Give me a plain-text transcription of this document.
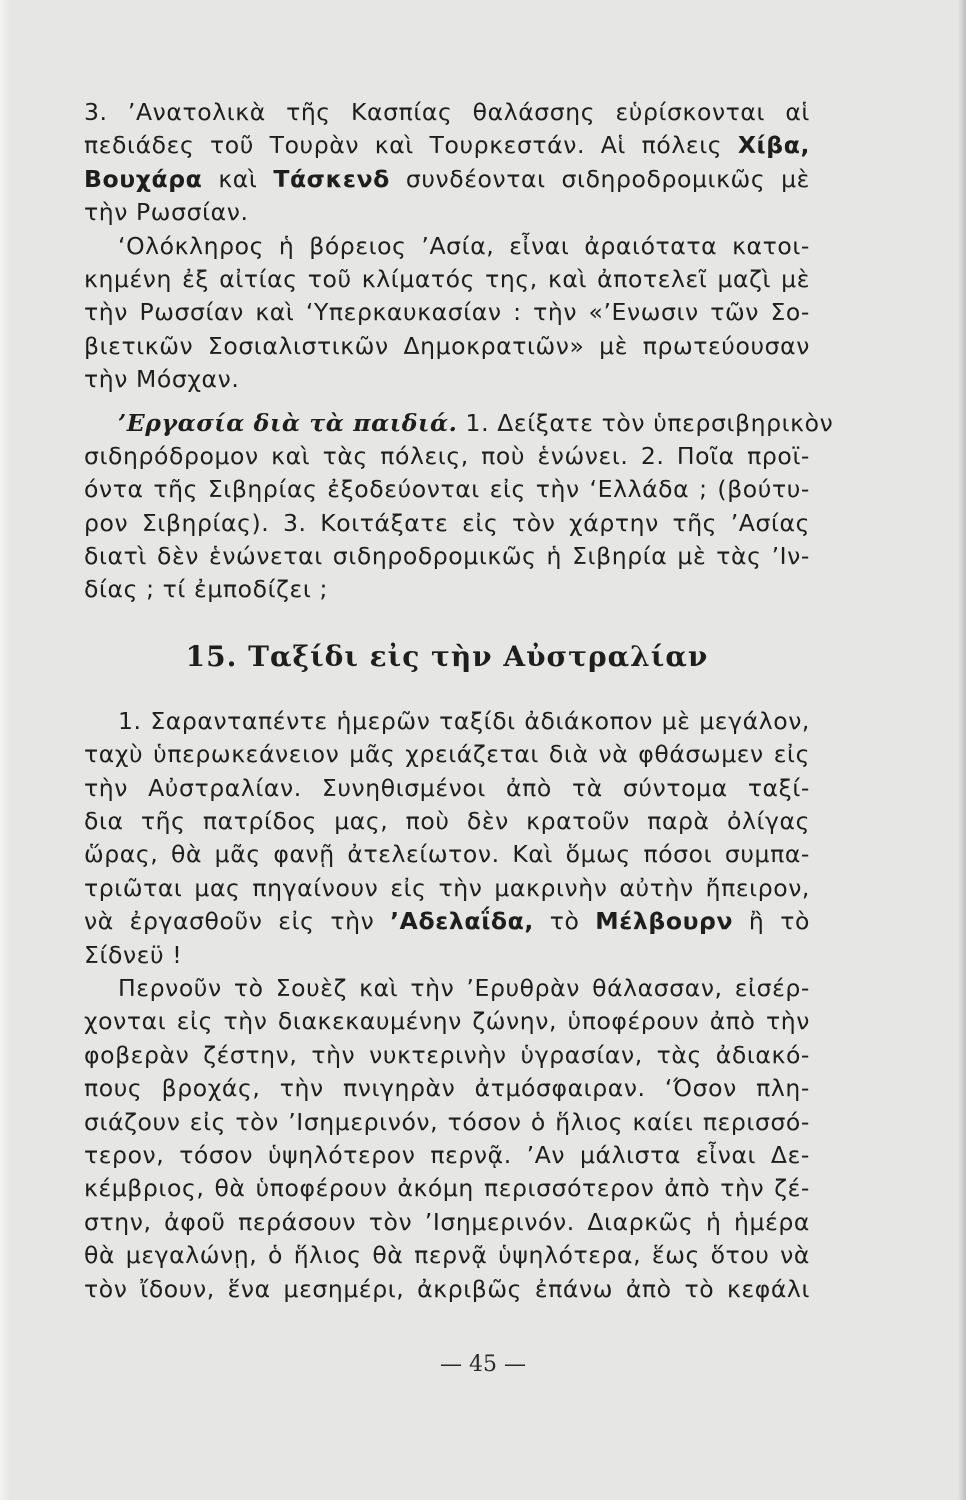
3. ’Ανατολικὰ τῆς Κασπίας θαλάσσης εὑρίσκονται αἱ
πεδιάδες τοῦ Τουρὰν καὶ Τουρκεστάν. Αἱ πόλεις Χίβα,
Βουχάρα καὶ Τάσκενδ συνδέονται σιδηροδρομικῶς μὲ
τὴν Ρωσσίαν.
‘Ολόκληρος ἡ βόρειος ’Ασία, εἶναι ἀραιότατα κατοι-
κημένη ἐξ αἰτίας τοῦ κλίματός της, καὶ ἀποτελεῖ μαζὶ μὲ
τὴν Ρωσσίαν καὶ ‘Υπερκαυκασίαν : τὴν «’Ενωσιν τῶν Σο-
βιετικῶν Σοσιαλιστικῶν Δημοκρατιῶν» μὲ πρωτεύουσαν
τὴν Μόσχαν.
’Εργασία διὰ τὰ παιδιά. 1. Δείξατε τὸν ὑπερσιβηρικὸν
σιδηρόδρομον καὶ τὰς πόλεις, ποὺ ἑνώνει. 2. Ποῖα προϊ-
όντα τῆς Σιβηρίας ἐξοδεύονται εἰς τὴν ‘Ελλάδα ; (βούτυ-
ρον Σιβηρίας). 3. Κοιτάξατε εἰς τὸν χάρτην τῆς ’Ασίας
διατὶ δὲν ἑνώνεται σιδηροδρομικῶς ἡ Σιβηρία μὲ τὰς ’Ιν-
δίας ; τί ἐμποδίζει ;
15. Ταξίδι εἰς τὴν Αὐστραλίαν
1. Σαρανταπέντε ἡμερῶν ταξίδι ἀδιάκοπον μὲ μεγάλον,
ταχὺ ὑπερωκεάνειον μᾶς χρειάζεται διὰ νὰ φθάσωμεν εἰς
τὴν Αὐστραλίαν. Συνηθισμένοι ἀπὸ τὰ σύντομα ταξί-
δια τῆς πατρίδος μας, ποὺ δὲν κρατοῦν παρὰ ὀλίγας
ὥρας, θὰ μᾶς φανῇ ἀτελείωτον. Καὶ ὅμως πόσοι συμπα-
τριῶται μας πηγαίνουν εἰς τὴν μακρινὴν αὐτὴν ἤπειρον,
νὰ ἐργασθοῦν εἰς τὴν ’Αδελαΐδα, τὸ Μέλβουρν ἢ τὸ
Σίδνεϋ !
Περνοῦν τὸ Σουὲζ καὶ τὴν ’Ερυθρὰν θάλασσαν, εἰσέρ-
χονται εἰς τὴν διακεκαυμένην ζώνην, ὑποφέρουν ἀπὸ τὴν
φοβερὰν ζέστην, τὴν νυκτερινὴν ὑγρασίαν, τὰς ἀδιακό-
πους βροχάς, τὴν πνιγηρὰν ἀτμόσφαιραν. ‘Όσον πλη-
σιάζουν εἰς τὸν ’Ισημερινόν, τόσον ὁ ἥλιος καίει περισσό-
τερον, τόσον ὑψηλότερον περνᾷ. ’Αν μάλιστα εἶναι Δε-
κέμβριος, θὰ ὑποφέρουν ἀκόμη περισσότερον ἀπὸ τὴν ζέ-
στην, ἀφοῦ περάσουν τὸν ’Ισημερινόν. Διαρκῶς ἡ ἡμέρα
θὰ μεγαλώνῃ, ὁ ἥλιος θὰ περνᾷ ὑψηλότερα, ἕως ὅτου νὰ
τὸν ἴδουν, ἕνα μεσημέρι, ἀκριβῶς ἐπάνω ἀπὸ τὸ κεφάλι
— 45 —
